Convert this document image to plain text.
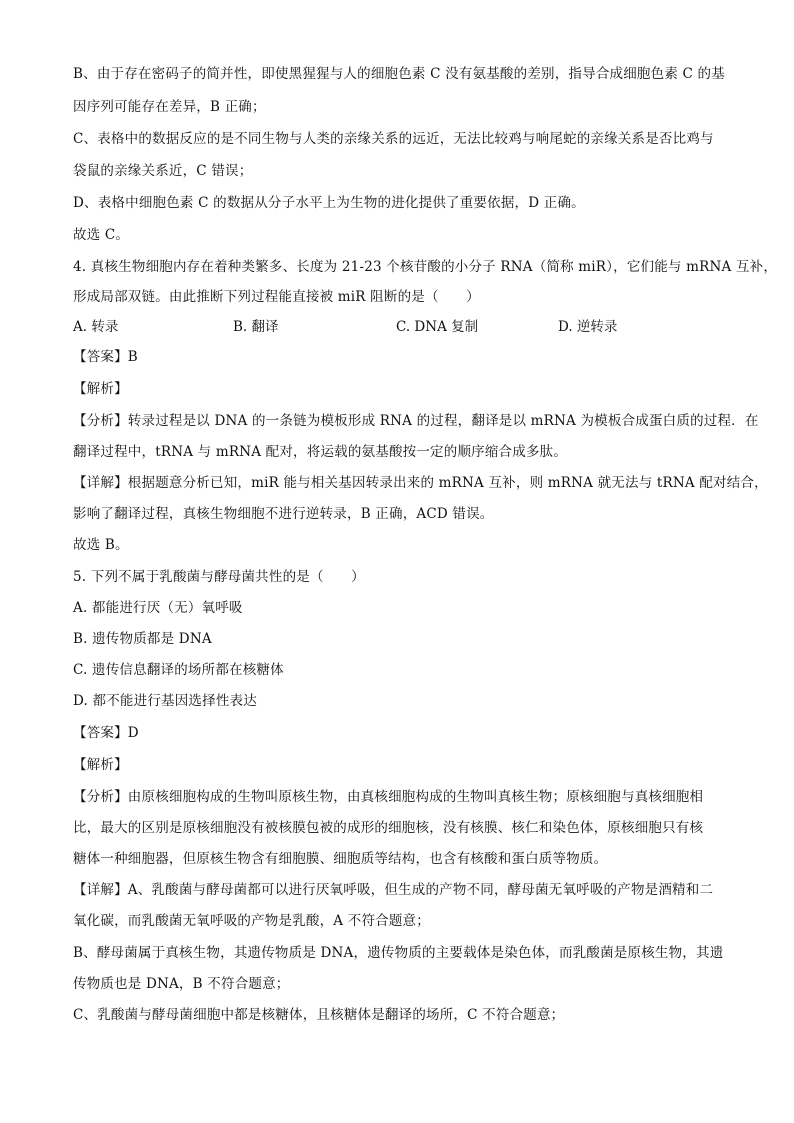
B、由于存在密码子的简并性，即使黑猩猩与人的细胞色素 C 没有氨基酸的差别，指导合成细胞色素 C 的基
因序列可能存在差异，B 正确；
C、表格中的数据反应的是不同生物与人类的亲缘关系的远近，无法比较鸡与响尾蛇的亲缘关系是否比鸡与
袋鼠的亲缘关系近，C 错误；
D、表格中细胞色素 C 的数据从分子水平上为生物的进化提供了重要依据，D 正确。
故选 C。
4. 真核生物细胞内存在着种类繁多、长度为 21-23 个核苷酸的小分子 RNA（简称 miR），它们能与 mRNA 互补，
形成局部双链。由此推断下列过程能直接被 miR 阻断的是（　　）
A. 转录	B. 翻译	C. DNA 复制	D. 逆转录
【答案】B
【解析】
【分析】转录过程是以 DNA 的一条链为模板形成 RNA 的过程，翻译是以 mRNA 为模板合成蛋白质的过程．在
翻译过程中，tRNA 与 mRNA 配对，将运载的氨基酸按一定的顺序缩合成多肽。
【详解】根据题意分析已知，miR 能与相关基因转录出来的 mRNA 互补，则 mRNA 就无法与 tRNA 配对结合，
影响了翻译过程，真核生物细胞不进行逆转录，B 正确，ACD 错误。
故选 B。
5. 下列不属于乳酸菌与酵母菌共性的是（　　）
A. 都能进行厌（无）氧呼吸
B. 遗传物质都是 DNA
C. 遗传信息翻译的场所都在核糖体
D. 都不能进行基因选择性表达
【答案】D
【解析】
【分析】由原核细胞构成的生物叫原核生物，由真核细胞构成的生物叫真核生物；原核细胞与真核细胞相
比，最大的区别是原核细胞没有被核膜包被的成形的细胞核，没有核膜、核仁和染色体，原核细胞只有核
糖体一种细胞器，但原核生物含有细胞膜、细胞质等结构，也含有核酸和蛋白质等物质。
【详解】A、乳酸菌与酵母菌都可以进行厌氧呼吸，但生成的产物不同，酵母菌无氧呼吸的产物是酒精和二
氧化碳，而乳酸菌无氧呼吸的产物是乳酸，A 不符合题意；
B、酵母菌属于真核生物，其遗传物质是 DNA，遗传物质的主要载体是染色体，而乳酸菌是原核生物，其遗
传物质也是 DNA，B 不符合题意；
C、乳酸菌与酵母菌细胞中都是核糖体，且核糖体是翻译的场所，C 不符合题意；
